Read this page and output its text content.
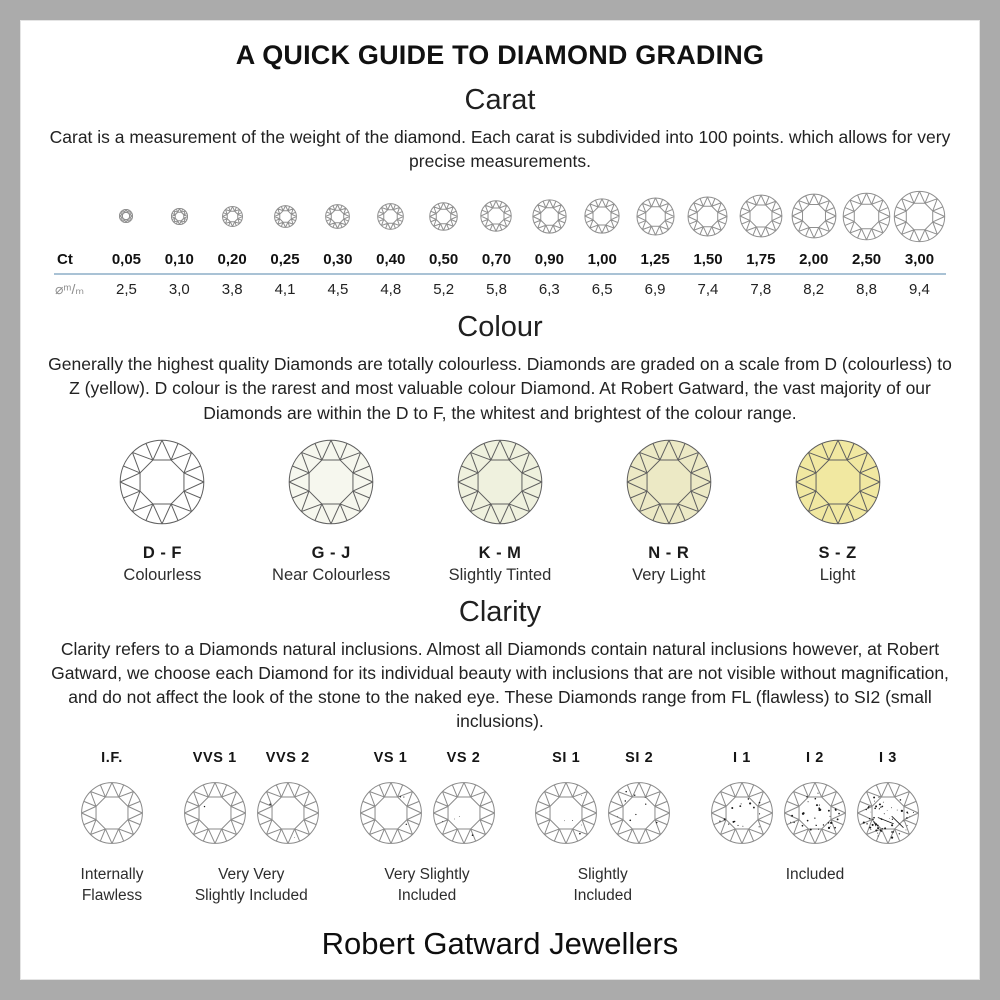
A QUICK GUIDE TO DIAMOND GRADING
Carat

Carat is a measurement of the weight of the diamond. Each carat is subdivided into 100 points. which allows for very precise measurements.

Ct	0,05	0,10	0,20	0,25	0,30	0,40	0,50	0,70	0,90	1,00	1,25	1,50	1,75	2,00	2,50	3,00
⌀ᵐ/ₘ	2,5	3,0	3,8	4,1	4,5	4,8	5,2	5,8	6,3	6,5	6,9	7,4	7,8	8,2	8,8	9,4
Colour

Generally the highest quality Diamonds are totally colourless. Diamonds are graded on a scale from D (colourless) to Z (yellow). D colour is the rarest and most valuable colour Diamond. At Robert Gatward, the vast majority of our Diamonds are within the D to F, the whitest and brightest of the colour range.

D - F
Colourless
G - J
Near Colourless
K - M
Slightly Tinted
N - R
Very Light
S - Z
Light
Clarity

Clarity refers to a Diamonds natural inclusions. Almost all Diamonds contain natural inclusions however, at Robert Gatward, we choose each Diamond for its individual beauty with inclusions that are not visible without magnification, and do not affect the look of the stone to the naked eye. These Diamonds range from FL (flawless) to SI2 (small inclusions).

I.F.
Internally
Flawless
VVS 1 VVS 2
Very Very
Slightly Included
VS 1	VS 2
Very Slightly
Included
SI 1	SI 2
Slightly
Included
I 1	I 2	I 3
Included
Robert Gatward Jewellers
